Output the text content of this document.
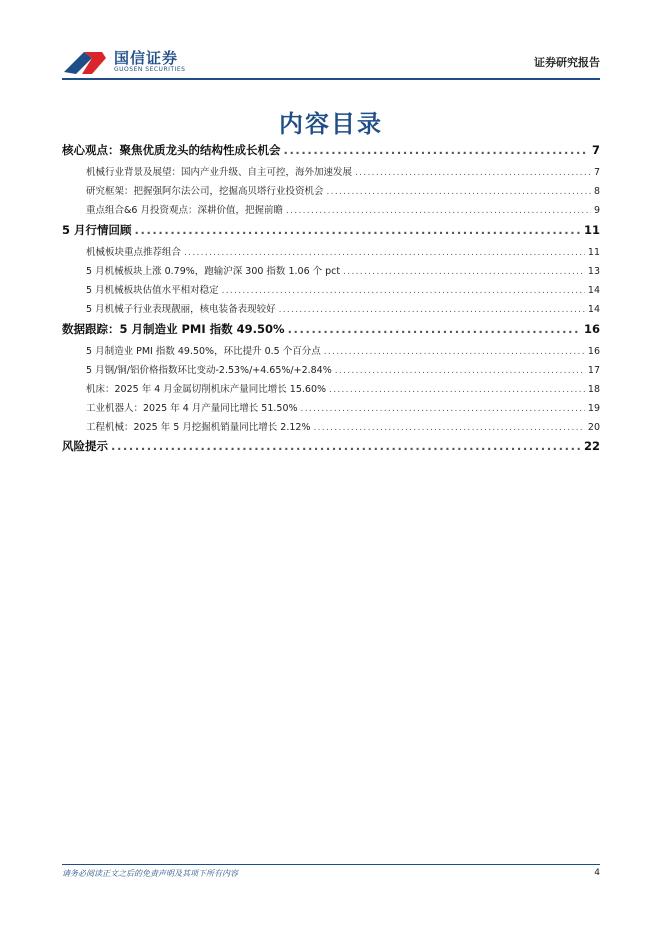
国信证券
GUOSEN SECURITIES
证券研究报告
内容目录
核心观点：聚焦优质龙头的结构性成长机会 .....	7
机械行业背景及展望：国内产业升级、自主可控，海外加速发展 .....	7
研究框架：把握强阿尔法公司，挖掘高贝塔行业投资机会 .....	8
重点组合&6 月投资观点：深耕价值，把握前瞻 .....	9
5 月行情回顾 .....	11
机械板块重点推荐组合 .....	11
5 月机械板块上涨 0.79%，跑输沪深 300 指数 1.06 个 pct .....	13
5 月机械板块估值水平相对稳定 .....	14
5 月机械子行业表现靓丽，核电装备表现较好 .....	14
数据跟踪：5 月制造业 PMI 指数 49.50% .....	16
5 月制造业 PMI 指数 49.50%，环比提升 0.5 个百分点 .....	16
5 月钢/铜/铝价格指数环比变动-2.53%/+4.65%/+2.84% .....	17
机床：2025 年 4 月金属切削机床产量同比增长 15.60% .....	18
工业机器人：2025 年 4 月产量同比增长 51.50% .....	19
工程机械：2025 年 5 月挖掘机销量同比增长 2.12% .....	20
风险提示 .....	22
请务必阅读正文之后的免责声明及其项下所有内容	4
